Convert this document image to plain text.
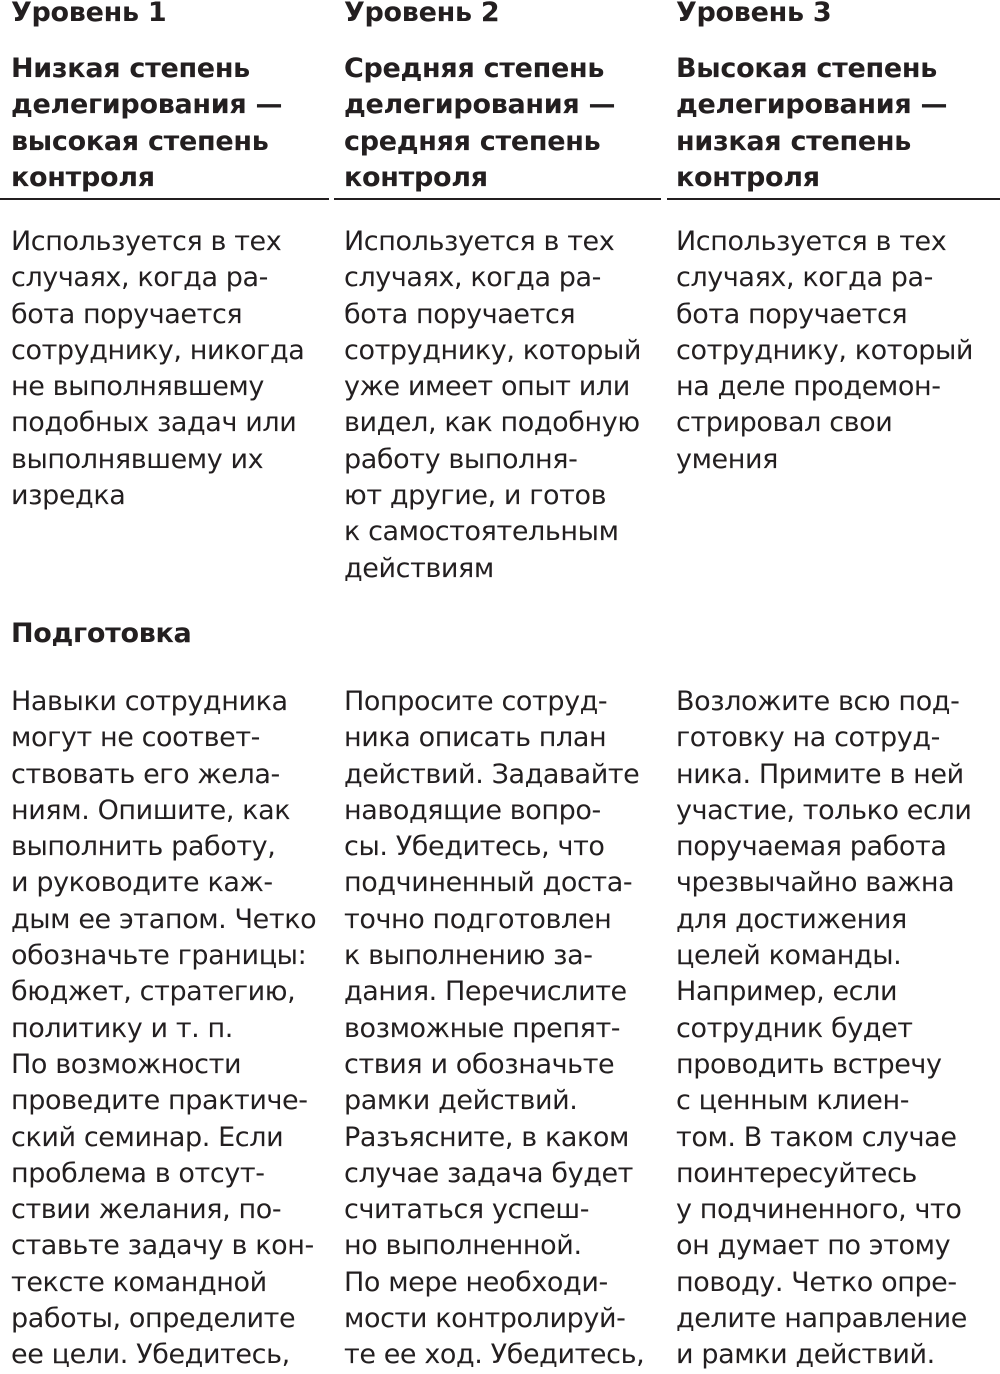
Уровень 1
Низкая степень
делегирования —
высокая степень
контроля
Используется в тех
случаях, когда ра-
бота поручается
сотруднику, никогда
не выполнявшему
подобных задач или
выполнявшему их
изредка
Навыки сотрудника
могут не соответ-
ствовать его жела-
ниям. Опишите, как
выполнить работу,
и руководите каж-
дым ее этапом. Четко
обозначьте границы:
бюджет, стратегию,
политику и т. п.
По возможности
проведите практиче-
ский семинар. Если
проблема в отсут-
ствии желания, по-
ставьте задачу в кон-
тексте командной
работы, определите
ее цели. Убедитесь,
Уровень 2
Средняя степень
делегирования —
средняя степень
контроля
Используется в тех
случаях, когда ра-
бота поручается
сотруднику, который
уже имеет опыт или
видел, как подобную
работу выполня-
ют другие, и готов
к самостоятельным
действиям
Попросите сотруд-
ника описать план
действий. Задавайте
наводящие вопро-
сы. Убедитесь, что
подчиненный доста-
точно подготовлен
к выполнению за-
дания. Перечислите
возможные препят-
ствия и обозначьте
рамки действий.
Разъясните, в каком
случае задача будет
считаться успеш-
но выполненной.
По мере необходи-
мости контролируй-
те ее ход. Убедитесь,
Уровень 3
Высокая степень
делегирования —
низкая степень
контроля
Используется в тех
случаях, когда ра-
бота поручается
сотруднику, который
на деле продемон-
стрировал свои
умения
Возложите всю под-
готовку на сотруд-
ника. Примите в ней
участие, только если
поручаемая работа
чрезвычайно важна
для достижения
целей команды.
Например, если
сотрудник будет
проводить встречу
с ценным клиен-
том. В таком случае
поинтересуйтесь
у подчиненного, что
он думает по этому
поводу. Четко опре-
делите направление
и рамки действий.
Подготовка
